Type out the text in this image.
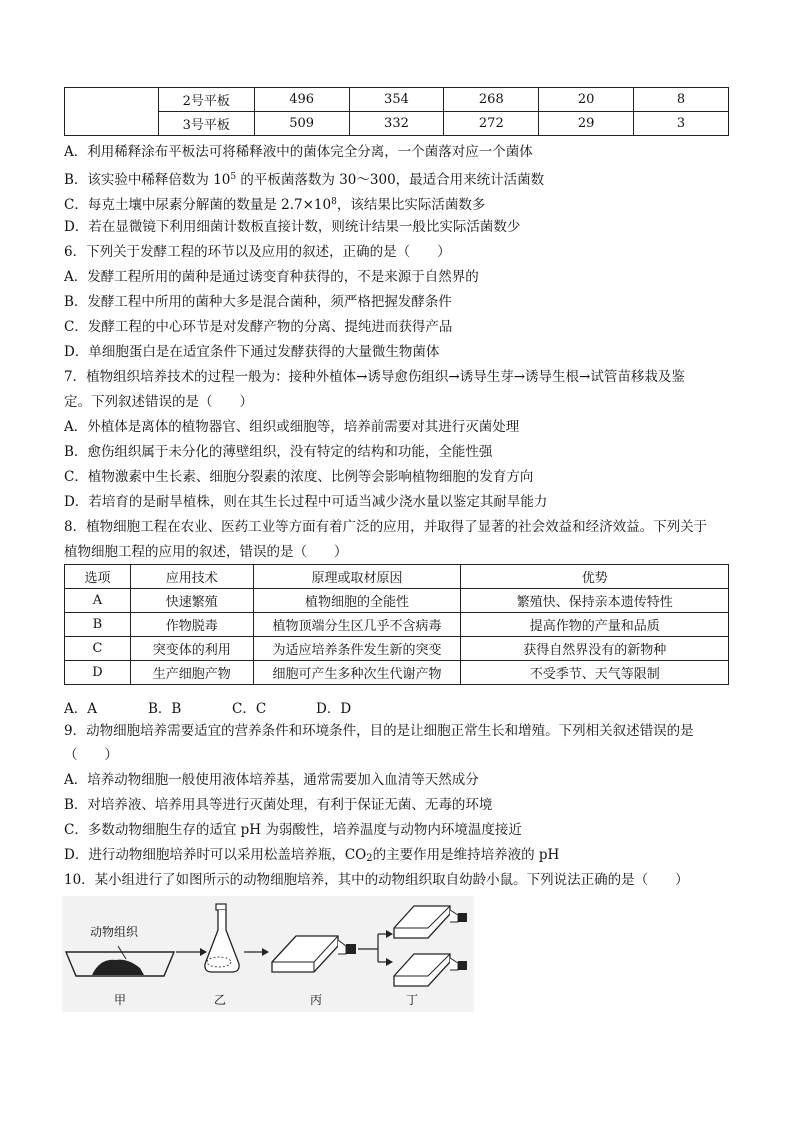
	2号平板	496	354	268	20	8
	3号平板	509	332	272	29	3
A．利用稀释涂布平板法可将稀释液中的菌体完全分离，一个菌落对应一个菌体
B．该实验中稀释倍数为 $10^5$ 的平板菌落数为 30～300，最适合用来统计活菌数
C．每克土壤中尿素分解菌的数量是 $2.7\times 10^8$，该结果比实际活菌数多
D．若在显微镜下利用细菌计数板直接计数，则统计结果一般比实际活菌数少
6．下列关于发酵工程的环节以及应用的叙述，正确的是（　　）
A．发酵工程所用的菌种是通过诱变育种获得的，不是来源于自然界的
B．发酵工程中所用的菌种大多是混合菌种，须严格把握发酵条件
C．发酵工程的中心环节是对发酵产物的分离、提纯进而获得产品
D．单细胞蛋白是在适宜条件下通过发酵获得的大量微生物菌体
7．植物组织培养技术的过程一般为：接种外植体→诱导愈伤组织→诱导生芽→诱导生根→试管苗移栽及鉴
定。下列叙述错误的是（　　）
A．外植体是离体的植物器官、组织或细胞等，培养前需要对其进行灭菌处理
B．愈伤组织属于未分化的薄壁组织，没有特定的结构和功能，全能性强
C．植物激素中生长素、细胞分裂素的浓度、比例等会影响植物细胞的发育方向
D．若培育的是耐旱植株，则在其生长过程中可适当减少浇水量以鉴定其耐旱能力
8．植物细胞工程在农业、医药工业等方面有着广泛的应用，并取得了显著的社会效益和经济效益。下列关于
植物细胞工程的应用的叙述，错误的是（　　）
选项	应用技术	原理或取材原因	优势
A	快速繁殖	植物细胞的全能性	繁殖快、保持亲本遗传特性
B	作物脱毒	植物顶端分生区几乎不含病毒	提高作物的产量和品质
C	突变体的利用	为适应培养条件发生新的突变	获得自然界没有的新物种
D	生产细胞产物	细胞可产生多种次生代谢产物	不受季节、天气等限制
A．A	B．B	C．C	D．D
9．动物细胞培养需要适宜的营养条件和环境条件，目的是让细胞正常生长和增殖。下列相关叙述错误的是
（　　）
A．培养动物细胞一般使用液体培养基，通常需要加入血清等天然成分
B．对培养液、培养用具等进行灭菌处理，有利于保证无菌、无毒的环境
C．多数动物细胞生存的适宜 pH 为弱酸性，培养温度与动物内环境温度接近
D．进行动物细胞培养时可以采用松盖培养瓶，$CO_2$的主要作用是维持培养液的 pH
10．某小组进行了如图所示的动物细胞培养，其中的动物组织取自幼龄小鼠。下列说法正确的是（　　）
动物组织
甲	乙	丙	丁
